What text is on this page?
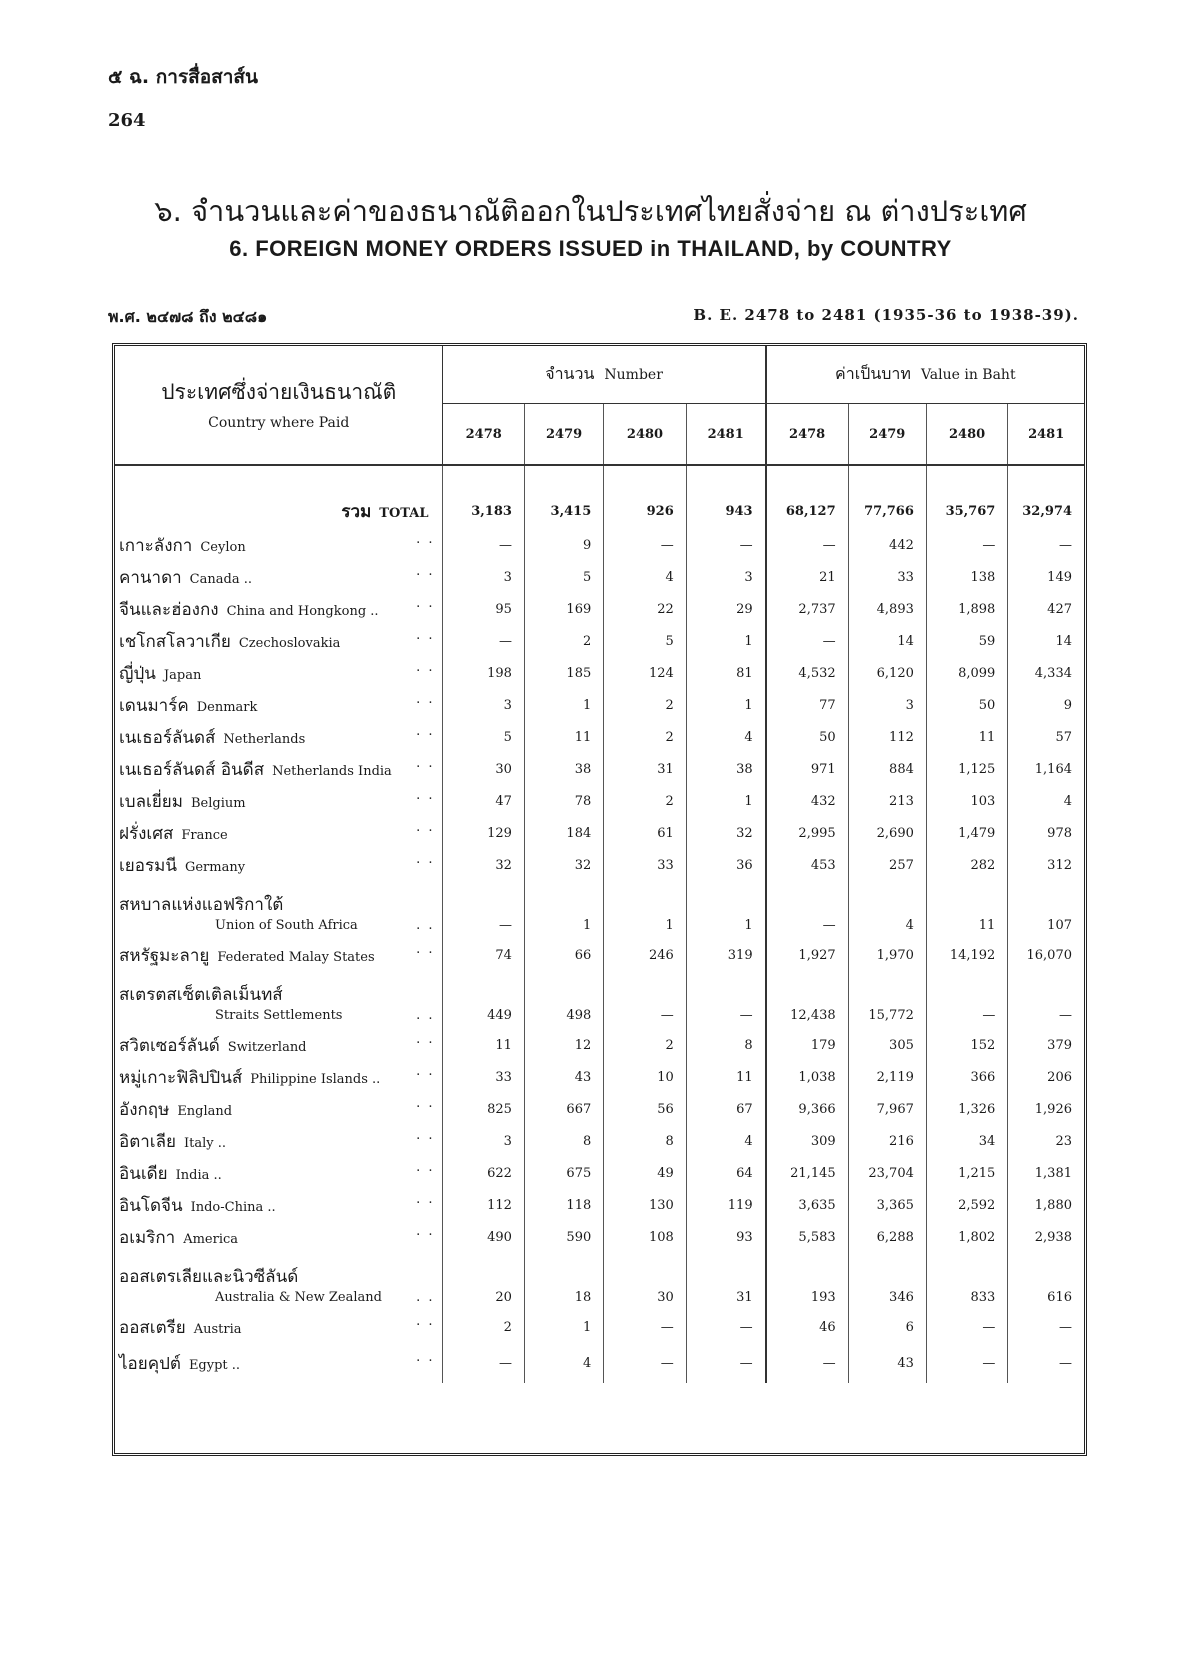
๕ ฉ. การสื่อสาส์น
264
๖. จำนวนและค่าของธนาณัติออกในประเทศไทยสั่งจ่าย ณ ต่างประเทศ
6. FOREIGN MONEY ORDERS ISSUED in THAILAND, by COUNTRY
พ.ศ. ๒๔๗๘ ถึง ๒๔๘๑	B. E. 2478 to 2481 (1935-36 to 1938-39).
ประเทศซึ่งจ่ายเงินธนาณัติ
Country where Paid	จำนวน Number				ค่าเป็นบาท Value in Baht			
	2478	2479	2480	2481	2478	2479	2480	2481

รวม TOTAL	3,183	3,415	926	943	68,127	77,766	35,767	32,974

. .
เกาะลังกา Ceylon	—	9	—	—	—	442	—	—

. .
คานาดา Canada ..	3	5	4	3	21	33	138	149

. .
จีนและฮ่องกง China and Hongkong ..	95	169	22	29	2,737	4,893	1,898	427

. .
เชโกสโลวาเกีย Czechoslovakia	—	2	5	1	—	14	59	14

. .
ญี่ปุ่น Japan	198	185	124	81	4,532	6,120	8,099	4,334

. .
เดนมาร์ค Denmark	3	1	2	1	77	3	50	9

. .
เนเธอร์ลันดส์ Netherlands	5	11	2	4	50	112	11	57

. .
เนเธอร์ลันดส์ อินดีส Netherlands India	30	38	31	38	971	884	1,125	1,164

. .
เบลเยี่ยม Belgium	47	78	2	1	432	213	103	4

. .
ฝรั่งเศส France	129	184	61	32	2,995	2,690	1,479	978

. .
เยอรมนี Germany	32	32	33	36	453	257	282	312

สหบาลแห่งแอฟริกาใต้
Union of South Africa . .	—	1	1	1	—	4	11	107

. .
สหรัฐมะลายู Federated Malay States	74	66	246	319	1,927	1,970	14,192	16,070

สเตรตสเซ็ตเติลเม็นทส์
Straits Settlements . .	449	498	—	—	12,438	15,772	—	—

. .
สวิตเซอร์ลันด์ Switzerland	11	12	2	8	179	305	152	379

. .
หมู่เกาะฟิลิปปินส์ Philippine Islands ..	33	43	10	11	1,038	2,119	366	206

. .
อังกฤษ England	825	667	56	67	9,366	7,967	1,326	1,926

. .
อิตาเลีย Italy ..	3	8	8	4	309	216	34	23

. .
อินเดีย India ..	622	675	49	64	21,145	23,704	1,215	1,381

. .
อินโดจีน Indo-China ..	112	118	130	119	3,635	3,365	2,592	1,880

. .
อเมริกา America	490	590	108	93	5,583	6,288	1,802	2,938

ออสเตรเลียและนิวซีลันด์
Australia & New Zealand . .	20	18	30	31	193	346	833	616

. .
ออสเตรีย Austria	2	1	—	—	46	6	—	—

. .
ไอยคุปต์ Egypt ..	—	4	—	—	—	43	—	—
